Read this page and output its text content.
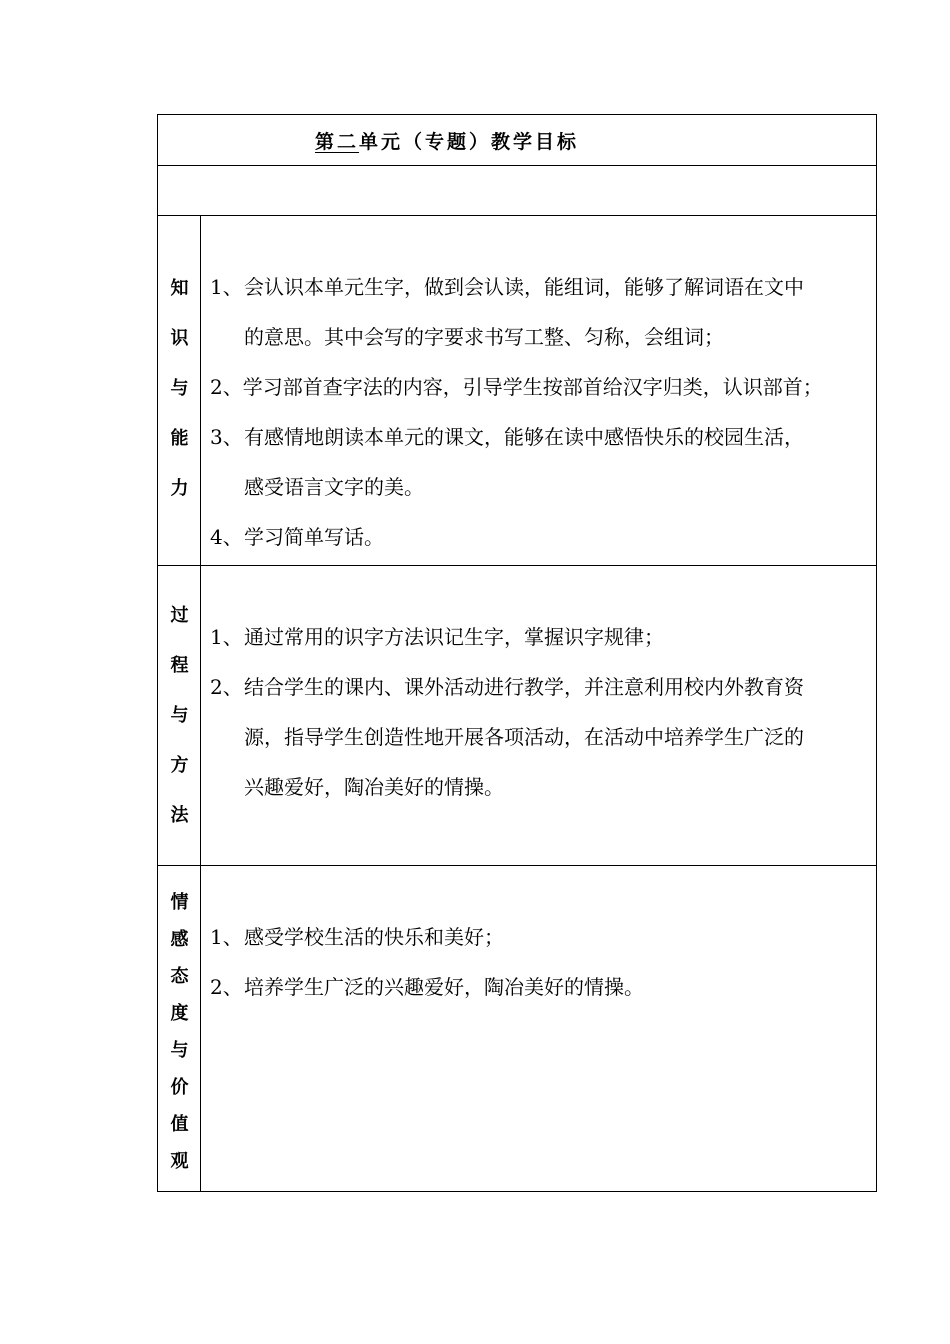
第二单元（专题）教学目标
知
识
与
能
力
1、 会认识本单元生字，做到会认读，能组词，能够了解词语在文中
的意思。其中会写的字要求书写工整、匀称，会组词；
2、学习部首查字法的内容，引导学生按部首给汉字归类，认识部首；
3、 有感情地朗读本单元的课文，能够在读中感悟快乐的校园生活，
感受语言文字的美。
4、 学习简单写话。
过
程
与
方
法
1、 通过常用的识字方法识记生字，掌握识字规律；
2、 结合学生的课内、课外活动进行教学，并注意利用校内外教育资
源，指导学生创造性地开展各项活动，在活动中培养学生广泛的
兴趣爱好，陶冶美好的情操。
情
感
态
度
与
价
值
观
1、 感受学校生活的快乐和美好；
2、 培养学生广泛的兴趣爱好，陶冶美好的情操。
